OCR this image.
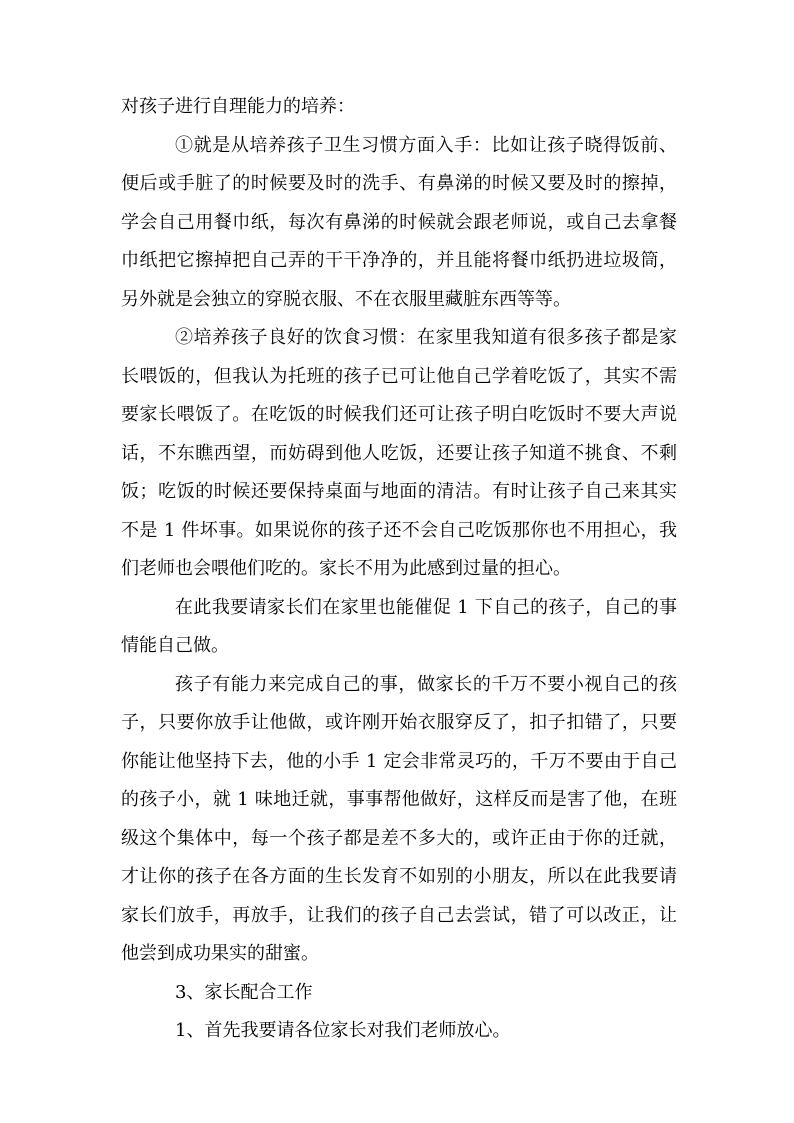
对孩子进行自理能力的培养：

①就是从培养孩子卫生习惯方面入手：比如让孩子晓得饭前、便后或手脏了的时候要及时的洗手、有鼻涕的时候又要及时的擦掉，学会自己用餐巾纸，每次有鼻涕的时候就会跟老师说，或自己去拿餐巾纸把它擦掉把自己弄的干干净净的，并且能将餐巾纸扔进垃圾筒，另外就是会独立的穿脱衣服、不在衣服里藏脏东西等等。

②培养孩子良好的饮食习惯：在家里我知道有很多孩子都是家长喂饭的，但我认为托班的孩子已可让他自己学着吃饭了，其实不需要家长喂饭了。在吃饭的时候我们还可让孩子明白吃饭时不要大声说话，不东瞧西望，而妨碍到他人吃饭，还要让孩子知道不挑食、不剩饭；吃饭的时候还要保持桌面与地面的清洁。有时让孩子自己来其实不是 1 件坏事。如果说你的孩子还不会自己吃饭那你也不用担心，我们老师也会喂他们吃的。家长不用为此感到过量的担心。

在此我要请家长们在家里也能催促 1 下自己的孩子，自己的事情能自己做。

孩子有能力来完成自己的事，做家长的千万不要小视自己的孩子，只要你放手让他做，或许刚开始衣服穿反了，扣子扣错了，只要你能让他坚持下去，他的小手 1 定会非常灵巧的，千万不要由于自己的孩子小，就 1 味地迁就，事事帮他做好，这样反而是害了他，在班级这个集体中，每一个孩子都是差不多大的，或许正由于你的迁就，才让你的孩子在各方面的生长发育不如别的小朋友，所以在此我要请家长们放手，再放手，让我们的孩子自己去尝试，错了可以改正，让他尝到成功果实的甜蜜。

3、家长配合工作

1、首先我要请各位家长对我们老师放心。
